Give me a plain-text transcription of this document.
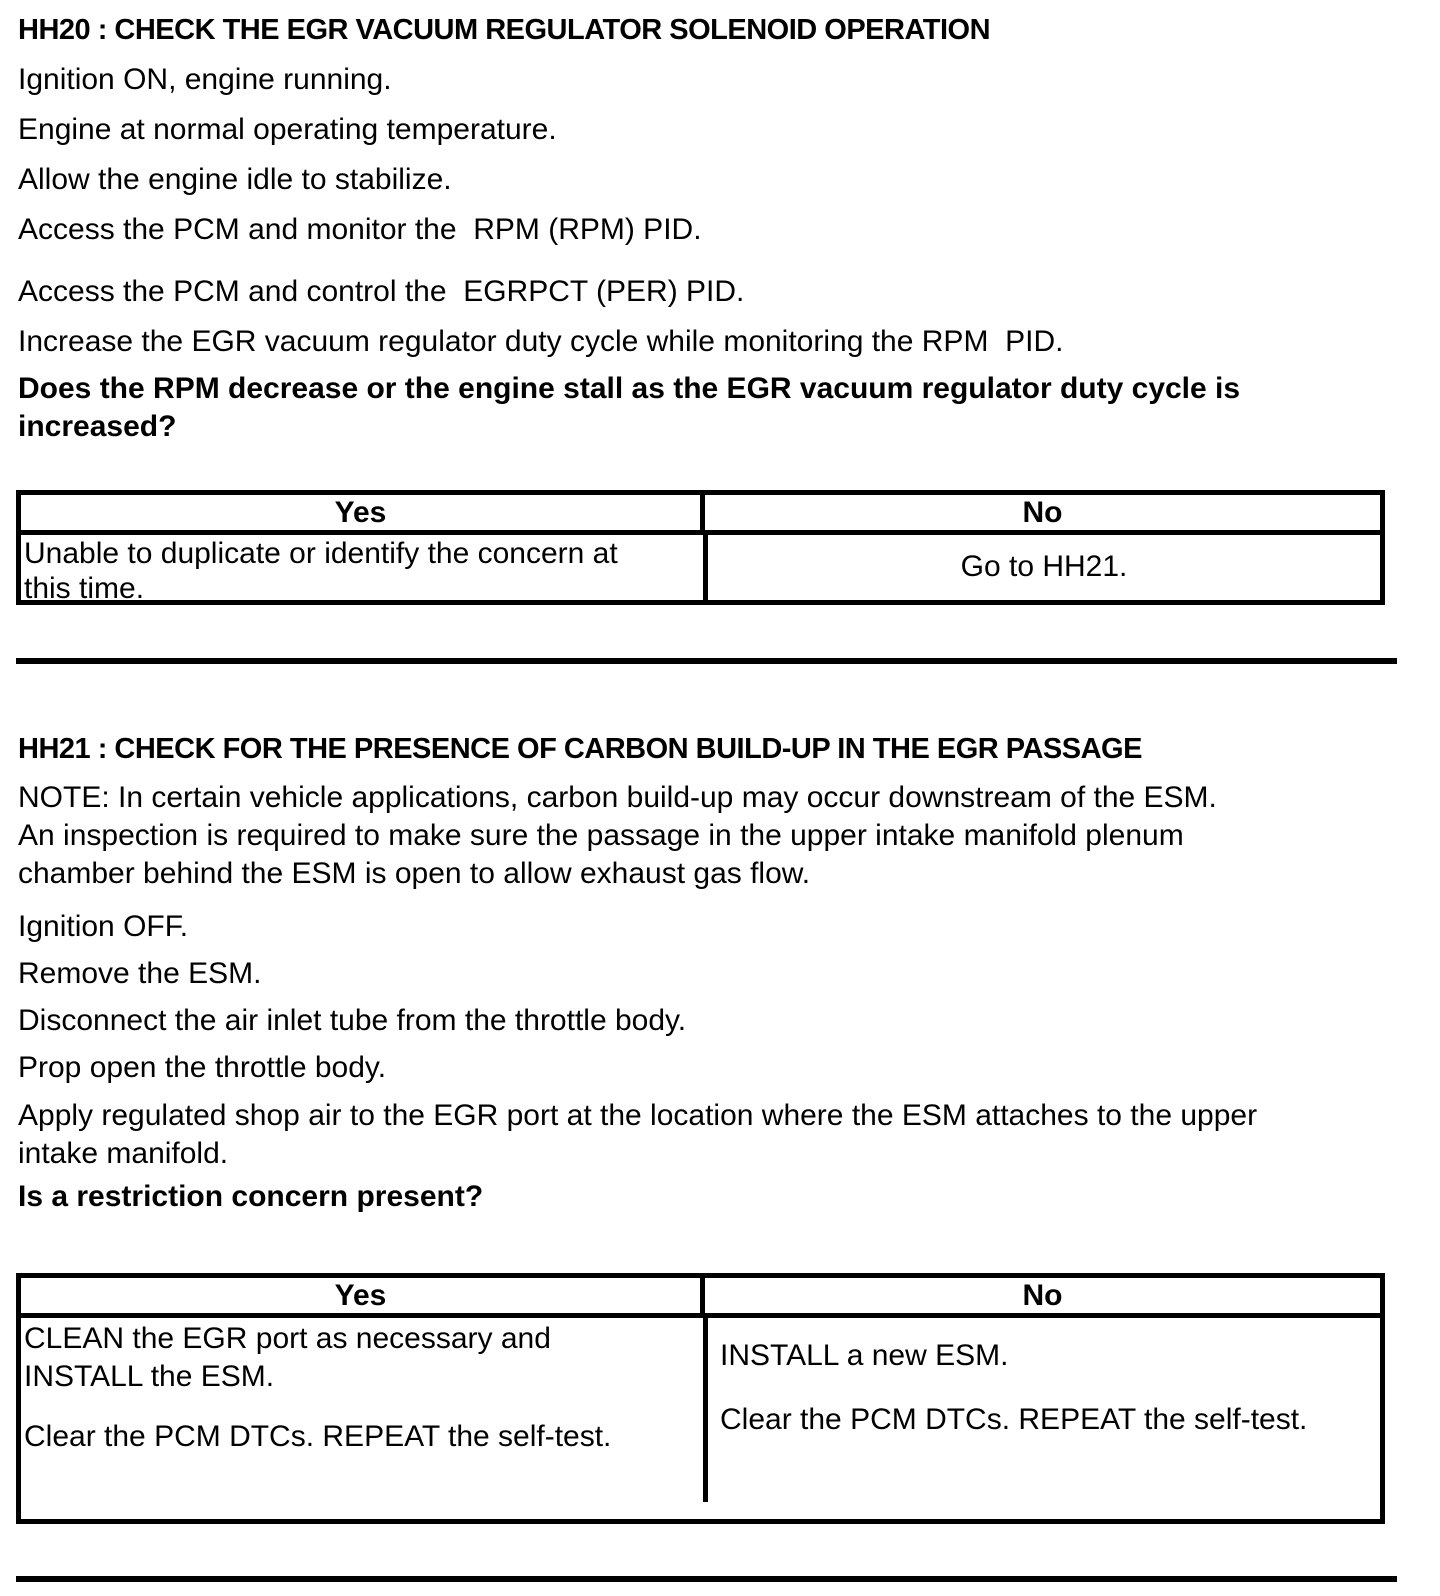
HH20 : CHECK THE EGR VACUUM REGULATOR SOLENOID OPERATION
Ignition ON, engine running.
Engine at normal operating temperature.
Allow the engine idle to stabilize.
Access the PCM and monitor the  RPM (RPM) PID.
Access the PCM and control the  EGRPCT (PER) PID.
Increase the EGR vacuum regulator duty cycle while monitoring the RPM  PID.
Does the RPM decrease or the engine stall as the EGR vacuum regulator duty cycle is
increased?
Yes	No
Unable to duplicate or identify the concern at
this time.
Go to HH21.
HH21 : CHECK FOR THE PRESENCE OF CARBON BUILD-UP IN THE EGR PASSAGE
NOTE: In certain vehicle applications, carbon build-up may occur downstream of the ESM.
An inspection is required to make sure the passage in the upper intake manifold plenum
chamber behind the ESM is open to allow exhaust gas flow.
Ignition OFF.
Remove the ESM.
Disconnect the air inlet tube from the throttle body.
Prop open the throttle body.
Apply regulated shop air to the EGR port at the location where the ESM attaches to the upper
intake manifold.
Is a restriction concern present?
Yes	No
CLEAN the EGR port as necessary and
INSTALL the ESM.
Clear the PCM DTCs. REPEAT the self-test.
INSTALL a new ESM.
Clear the PCM DTCs. REPEAT the self-test.
